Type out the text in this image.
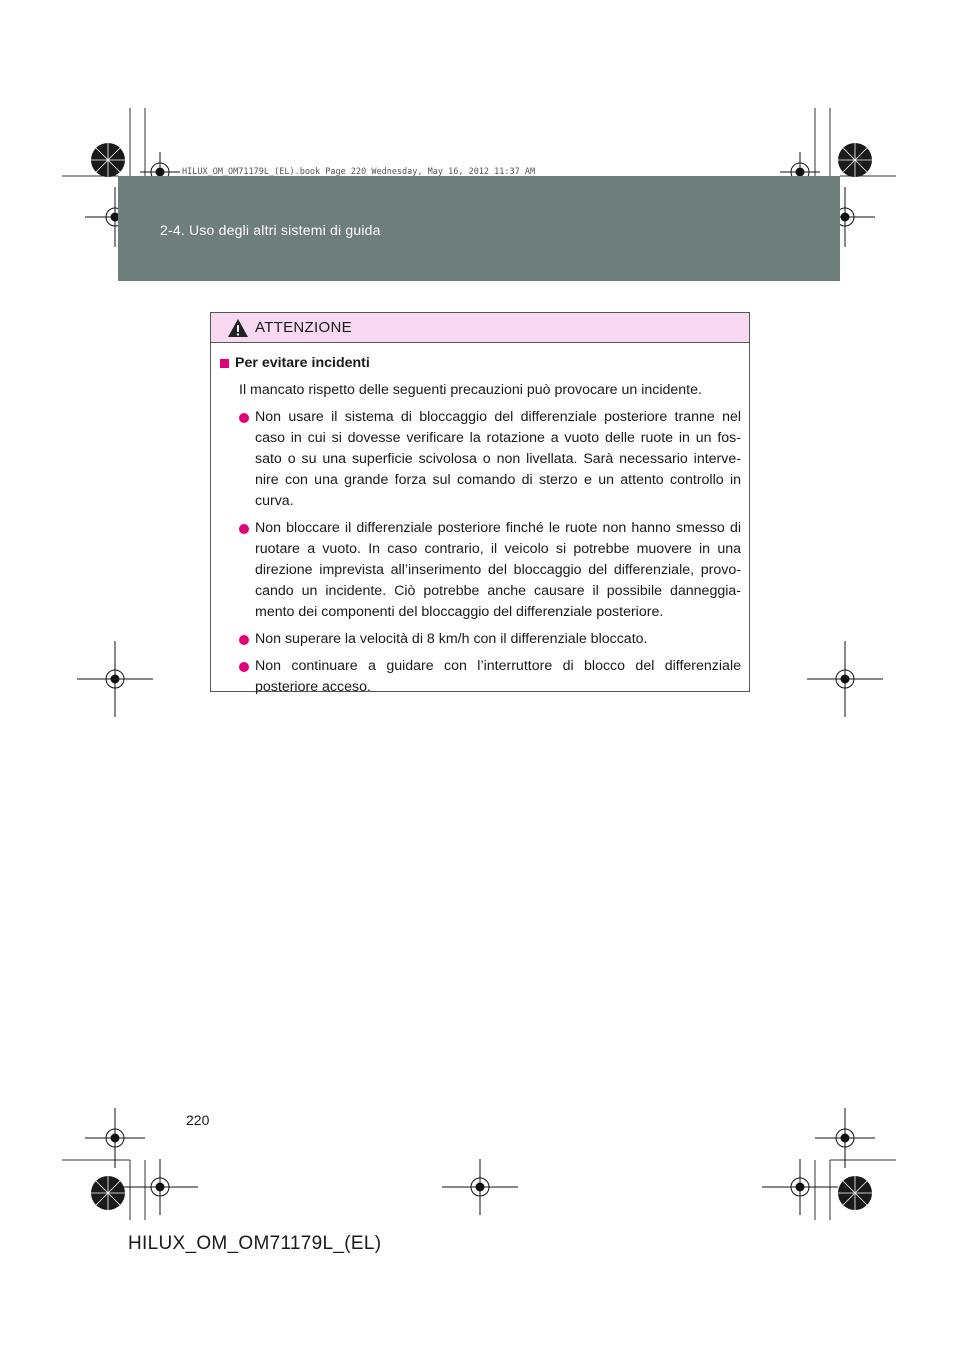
HILUX_OM_OM71179L_(EL).book Page 220 Wednesday, May 16, 2012 11:37 AM
2-4. Uso degli altri sistemi di guida
ATTENZIONE
Per evitare incidenti
Il mancato rispetto delle seguenti precauzioni può provocare un incidente.
Non usare il sistema di bloccaggio del differenziale posteriore tranne nel caso in cui si dovesse verificare la rotazione a vuoto delle ruote in un fos-sato o su una superficie scivolosa o non livellata. Sarà necessario interve-nire con una grande forza sul comando di sterzo e un attento controllo in curva.
Non bloccare il differenziale posteriore finché le ruote non hanno smesso di ruotare a vuoto. In caso contrario, il veicolo si potrebbe muovere in una direzione imprevista all’inserimento del bloccaggio del differenziale, provo-cando un incidente. Ciò potrebbe anche causare il possibile danneggia-mento dei componenti del bloccaggio del differenziale posteriore.
Non superare la velocità di 8 km/h con il differenziale bloccato.
Non continuare a guidare con l’interruttore di blocco del differenziale posteriore acceso.
220
HILUX_OM_OM71179L_(EL)
